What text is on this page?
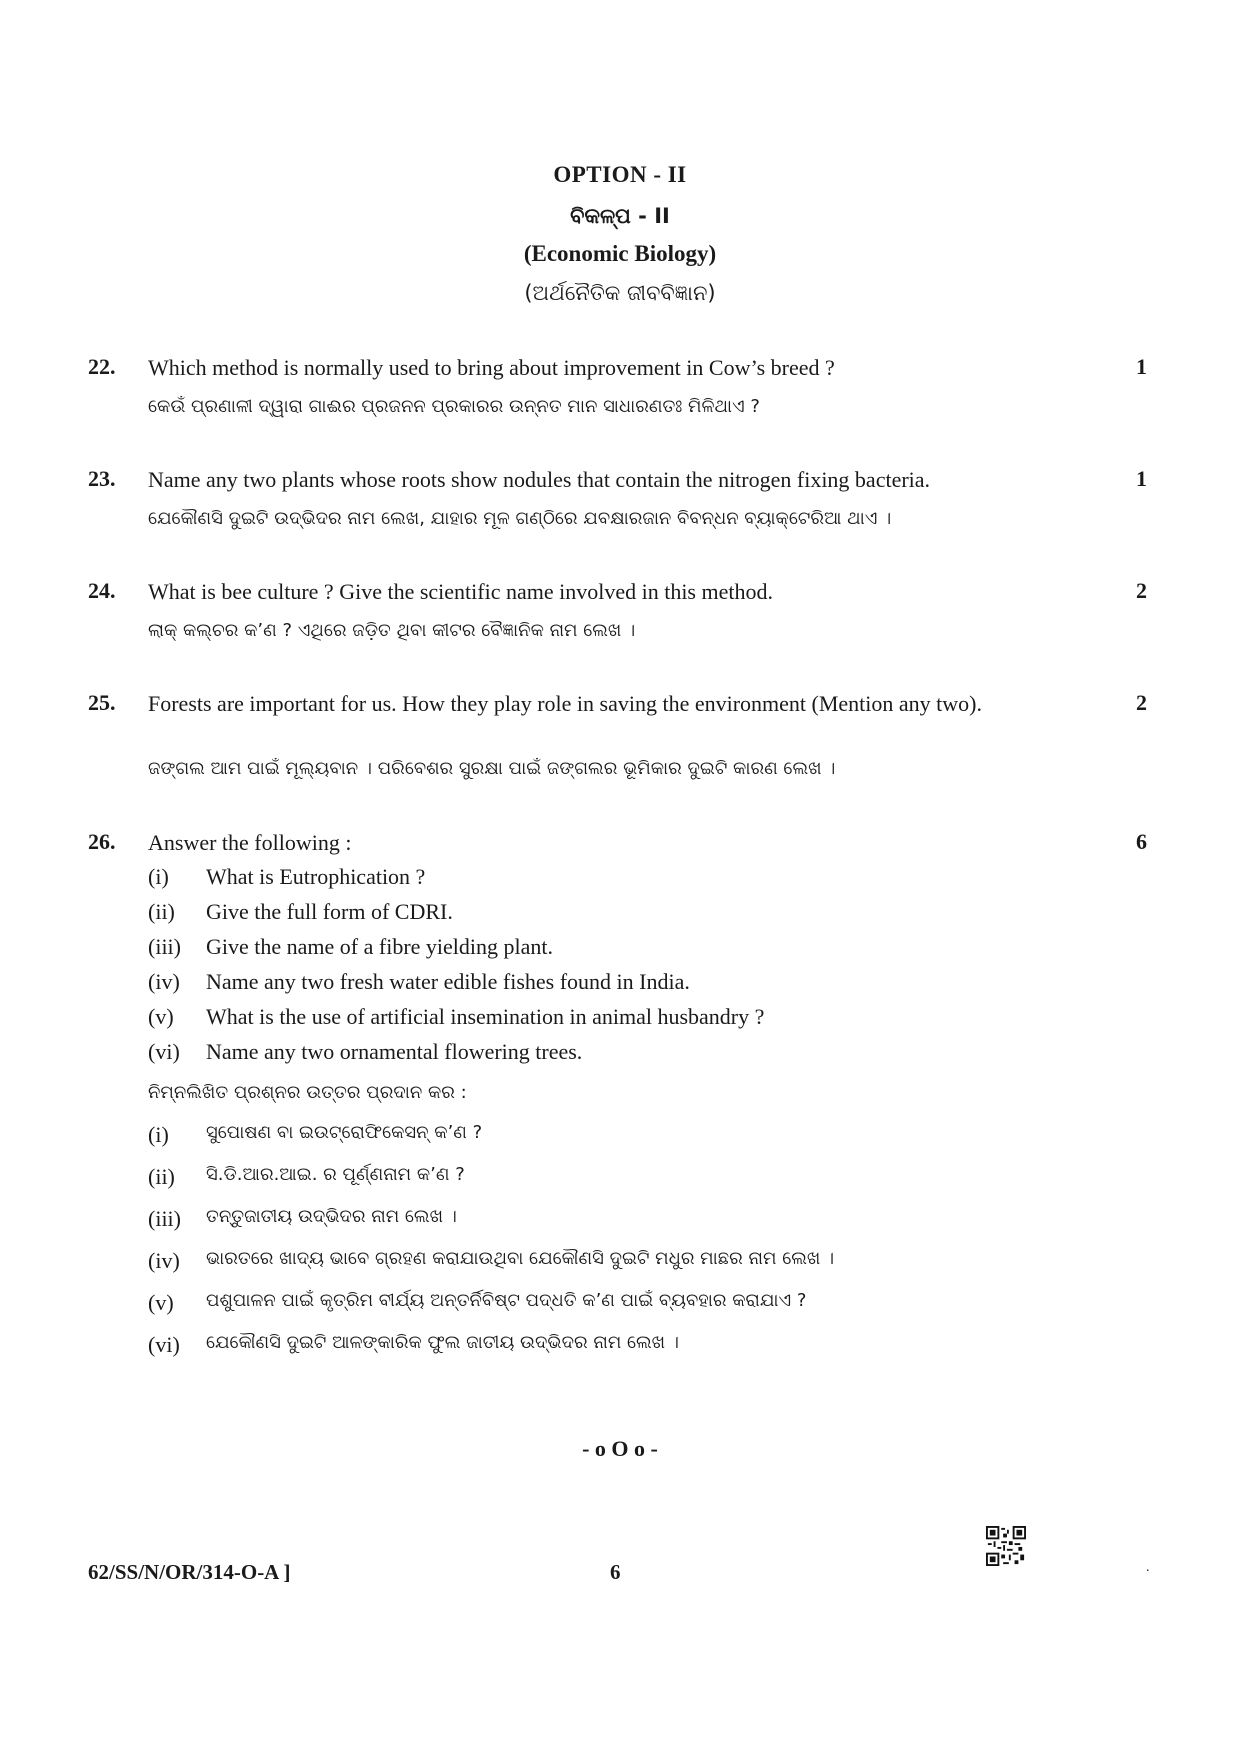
OPTION - II
ବିକଳ୍ପ - II
(Economic Biology)
(ଅର୍ଥନୈତିକ ଜୀବବିଜ୍ଞାନ)
22. Which method is normally used to bring about improvement in Cow’s breed ?	1
କେଉଁ ପ୍ରଣାଳୀ ଦ୍ୱାରା ଗାଈର ପ୍ରଜନନ ପ୍ରକାରର ଉନ୍ନତ ମାନ ସାଧାରଣତଃ ମିଳିଥାଏ ?
23. Name any two plants whose roots show nodules that contain the nitrogen fixing bacteria.	1
ଯେକୌଣସି ଦୁଇଟି ଉଦ୍ଭିଦର ନାମ ଲେଖ, ଯାହାର ମୂଳ ଗଣ୍ଠିରେ ଯବକ୍ଷାରଜାନ ବିବନ୍ଧନ ବ୍ୟାକ୍ଟେରିଆ ଥାଏ ।
24. What is bee culture ? Give the scientific name involved in this method.	2
ଲାକ୍ କଲ୍‌ଚର କ’ଣ ? ଏଥିରେ ଜଡ଼ିତ ଥିବା କୀଟର ବୈଜ୍ଞାନିକ ନାମ ଲେଖ ।
25. Forests are important for us. How they play role in saving the environment (Mention any two).	2
ଜଙ୍ଗଲ ଆମ ପାଇଁ ମୂଲ୍ୟବାନ । ପରିବେଶର ସୁରକ୍ଷା ପାଇଁ ଜଙ୍ଗଲର ଭୂମିକାର ଦୁଇଟି କାରଣ ଲେଖ ।
26. Answer the following :	6
(i) What is Eutrophication ?
(ii) Give the full form of CDRI.
(iii) Give the name of a fibre yielding plant.
(iv) Name any two fresh water edible fishes found in India.
(v) What is the use of artificial insemination in animal husbandry ?
(vi) Name any two ornamental flowering trees.
ନିମ୍ନଲିଖିତ ପ୍ରଶ୍ନର ଉତ୍ତର ପ୍ରଦାନ କର :
(i) ସୁପୋଷଣ ବା ଇଉଟ୍ରୋଫିକେସନ୍ କ’ଣ ?
(ii) ସି.ଡି.ଆର.ଆଇ. ର ପୂର୍ଣ୍ଣନାମ କ’ଣ ?
(iii) ତନ୍ତୁଜାତୀୟ ଉଦ୍ଭିଦର ନାମ ଲେଖ ।
(iv) ଭାରତରେ ଖାଦ୍ୟ ଭାବେ ଗ୍ରହଣ କରାଯାଉଥିବା ଯେକୌଣସି ଦୁଇଟି ମଧୁର ମାଛର ନାମ ଲେଖ ।
(v) ପଶୁପାଳନ ପାଇଁ କୃତ୍ରିମ ବୀର୍ଯ୍ୟ ଅନ୍ତର୍ନିବିଷ୍ଟ ପଦ୍ଧତି କ’ଣ ପାଇଁ ବ୍ୟବହାର କରାଯାଏ ?
(vi) ଯେକୌଣସି ଦୁଇଟି ଆଳଙ୍କାରିକ ଫୁଲ ଜାତୀୟ ଉଦ୍ଭିଦର ନାମ ଲେଖ ।
- o O o -
62/SS/N/OR/314-O-A ]	6	.
